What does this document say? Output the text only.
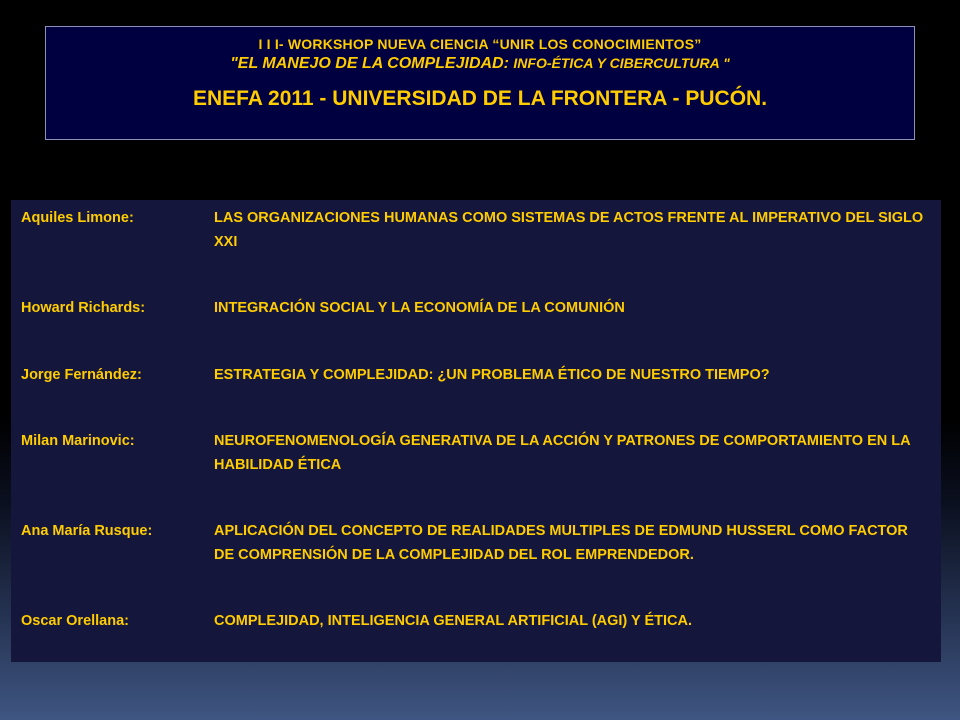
I I I- WORKSHOP NUEVA CIENCIA “UNIR LOS CONOCIMIENTOS”
"EL MANEJO DE LA COMPLEJIDAD: INFO-ÉTICA Y CIBERCULTURA "
ENEFA 2011 - UNIVERSIDAD DE LA FRONTERA - PUCÓN.
Aquiles Limone:	LAS ORGANIZACIONES HUMANAS COMO SISTEMAS DE ACTOS FRENTE AL IMPERATIVO DEL SIGLO XXI
Howard Richards:	INTEGRACIÓN SOCIAL Y LA ECONOMÍA DE LA COMUNIÓN
Jorge Fernández:	ESTRATEGIA Y COMPLEJIDAD: ¿UN PROBLEMA ÉTICO DE NUESTRO TIEMPO?
Milan Marinovic:	NEUROFENOMENOLOGÍA GENERATIVA DE LA ACCIÓN Y PATRONES DE COMPORTAMIENTO EN LA HABILIDAD ÉTICA
Ana María Rusque:	APLICACIÓN DEL CONCEPTO DE REALIDADES MULTIPLES DE EDMUND HUSSERL COMO FACTOR DE COMPRENSIÓN DE LA COMPLEJIDAD DEL ROL EMPRENDEDOR.
Oscar Orellana:	COMPLEJIDAD, INTELIGENCIA GENERAL ARTIFICIAL (AGI) Y ÉTICA.
